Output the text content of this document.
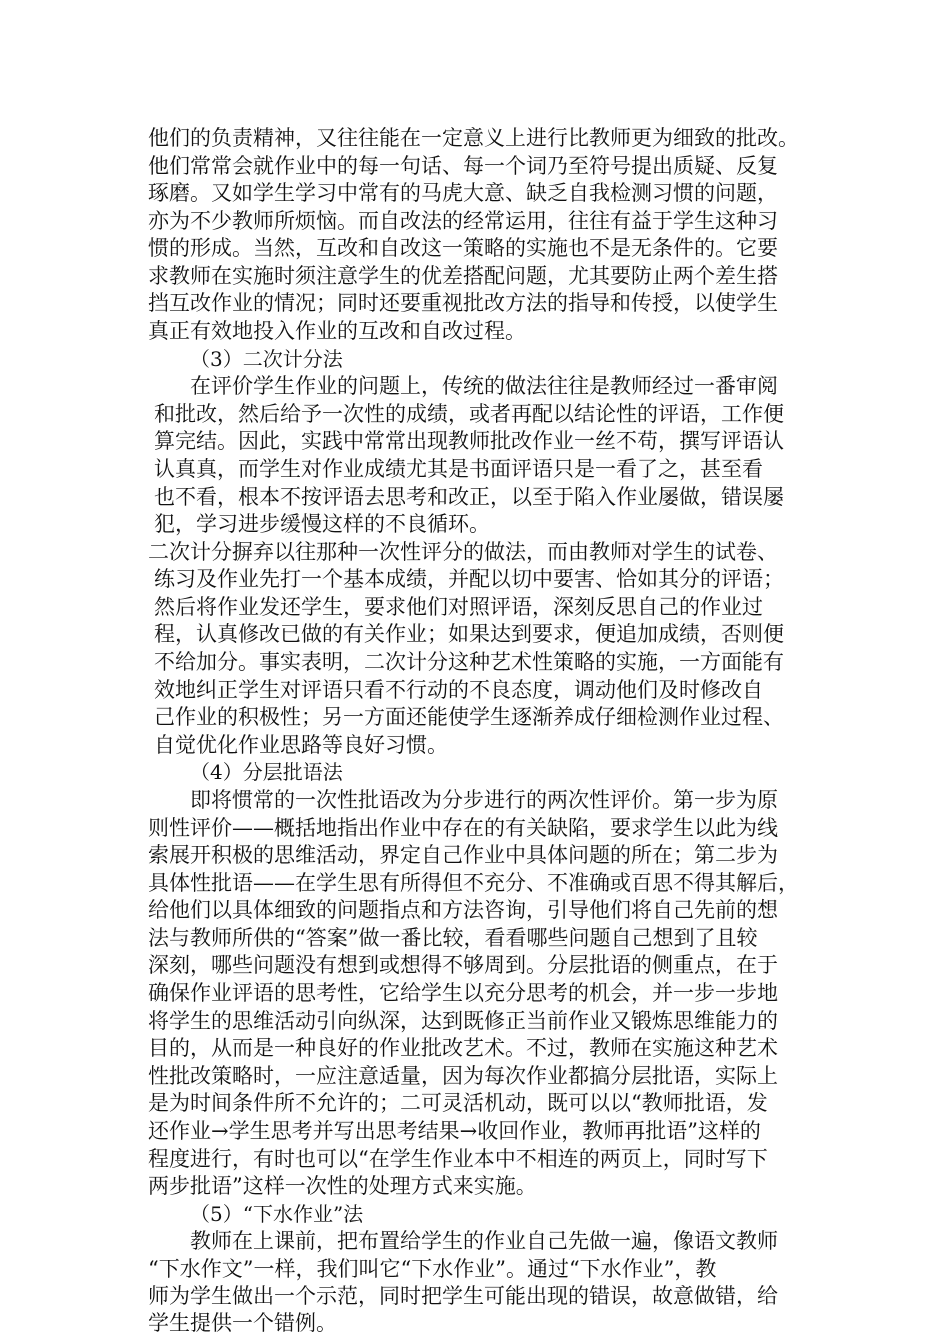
他们的负责精神，又往往能在一定意义上进行比教师更为细致的批改。
他们常常会就作业中的每一句话、每一个词乃至符号提出质疑、反复
琢磨。又如学生学习中常有的马虎大意、缺乏自我检测习惯的问题，
亦为不少教师所烦恼。而自改法的经常运用，往往有益于学生这种习
惯的形成。当然，互改和自改这一策略的实施也不是无条件的。它要
求教师在实施时须注意学生的优差搭配问题，尤其要防止两个差生搭
挡互改作业的情况；同时还要重视批改方法的指导和传授，以使学生
真正有效地投入作业的互改和自改过程。
（3）二次计分法
在评价学生作业的问题上，传统的做法往往是教师经过一番审阅
和批改，然后给予一次性的成绩，或者再配以结论性的评语，工作便
算完结。因此，实践中常常出现教师批改作业一丝不苟，撰写评语认
认真真，而学生对作业成绩尤其是书面评语只是一看了之，甚至看
也不看，根本不按评语去思考和改正，以至于陷入作业屡做，错误屡
犯，学习进步缓慢这样的不良循环。
二次计分摒弃以往那种一次性评分的做法，而由教师对学生的试卷、
练习及作业先打一个基本成绩，并配以切中要害、恰如其分的评语；
然后将作业发还学生，要求他们对照评语，深刻反思自己的作业过
程，认真修改已做的有关作业；如果达到要求，便追加成绩，否则便
不给加分。事实表明，二次计分这种艺术性策略的实施，一方面能有
效地纠正学生对评语只看不行动的不良态度，调动他们及时修改自
己作业的积极性；另一方面还能使学生逐渐养成仔细检测作业过程、
自觉优化作业思路等良好习惯。
（4）分层批语法
即将惯常的一次性批语改为分步进行的两次性评价。第一步为原
则性评价——概括地指出作业中存在的有关缺陷，要求学生以此为线
索展开积极的思维活动，界定自己作业中具体问题的所在；第二步为
具体性批语——在学生思有所得但不充分、不准确或百思不得其解后，
给他们以具体细致的问题指点和方法咨询，引导他们将自己先前的想
法与教师所供的“答案”做一番比较，看看哪些问题自己想到了且较
深刻，哪些问题没有想到或想得不够周到。分层批语的侧重点，在于
确保作业评语的思考性，它给学生以充分思考的机会，并一步一步地
将学生的思维活动引向纵深，达到既修正当前作业又锻炼思维能力的
目的，从而是一种良好的作业批改艺术。不过，教师在实施这种艺术
性批改策略时，一应注意适量，因为每次作业都搞分层批语，实际上
是为时间条件所不允许的；二可灵活机动，既可以以“教师批语，发
还作业→学生思考并写出思考结果→收回作业，教师再批语”这样的
程度进行，有时也可以“在学生作业本中不相连的两页上，同时写下
两步批语”这样一次性的处理方式来实施。
（5）“下水作业”法
教师在上课前，把布置给学生的作业自己先做一遍，像语文教师
“下水作文”一样，我们叫它“下水作业”。通过“下水作业”，教
师为学生做出一个示范，同时把学生可能出现的错误，故意做错，给
学生提供一个错例。
